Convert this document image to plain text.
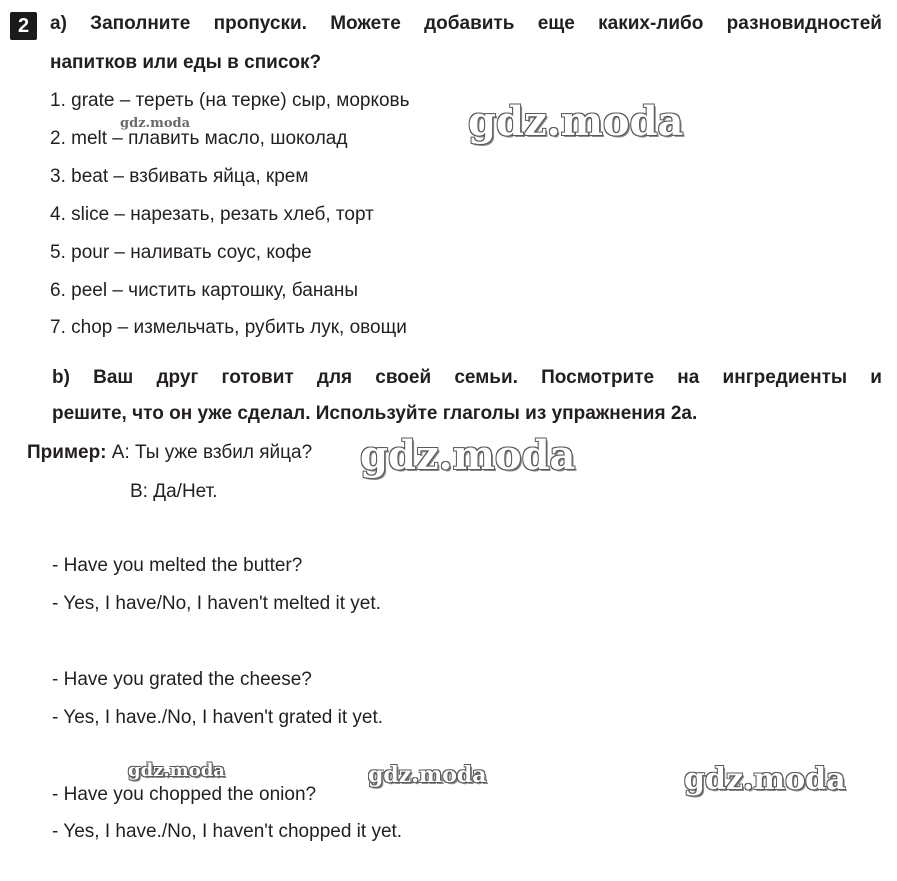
2	a) Заполните пропуски. Можете добавить еще каких-либо разновидностей
напитков или еды в список?
1. grate – тереть (на терке) сыр, морковь
2. melt – плавить масло, шоколад
3. beat – взбивать яйца, крем
4. slice – нарезать, резать хлеб, торт
5. pour – наливать соус, кофе
6. peel – чистить картошку, бананы
7. chop – измельчать, рубить лук, овощи
b) Ваш друг готовит для своей семьи. Посмотрите на ингредиенты и
решите, что он уже сделал. Используйте глаголы из упражнения 2a.
Пример: A: Ты уже взбил яйца?
B: Да/Нет.
- Have you melted the butter?
- Yes, I have/No, I haven't melted it yet.
- Have you grated the cheese?
- Yes, I have./No, I haven't grated it yet.
- Have you chopped the onion?
- Yes, I have./No, I haven't chopped it yet.
gdz.moda
gdz.moda
gdz.moda
gdz.moda	gdz.moda	gdz.moda
